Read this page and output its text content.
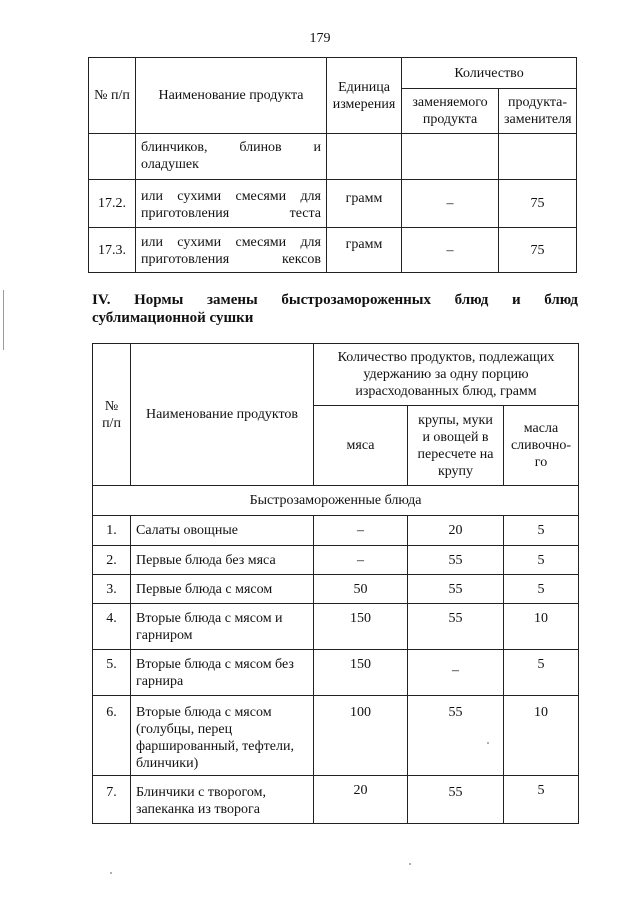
179
№ п/п	Наименование продукта	Единица измерения	Количество	
			заменяемого продукта	продукта-заменителя
	блинчиков, блинов и оладушек			
17.2.	или сухими смесями для приготовления теста	грамм	–	75
17.3.	или сухими смесями для приготовления кексов	грамм	–	75
IV. Нормы замены быстрозамороженных блюд и блюд
сублимационной сушки
№ п/п	Наименование продуктов	Количество продуктов, подлежащих удержанию за одну порцию израсходованных блюд, грамм		
		мяса	крупы, муки и овощей в пересчете на крупу	масла сливочно-го
Быстрозамороженные блюда				
1.	Салаты овощные	–	20	5
2.	Первые блюда без мяса	–	55	5
3.	Первые блюда с мясом	50	55	5
4.	Вторые блюда с мясом и гарниром	150	55	10
5.	Вторые блюда с мясом без гарнира	150	–	5
6.	Вторые блюда с мясом (голубцы, перец фаршированный, тефтели, блинчики)	100	55	10
7.	Блинчики с творогом, запеканка из творога	20	55	5
